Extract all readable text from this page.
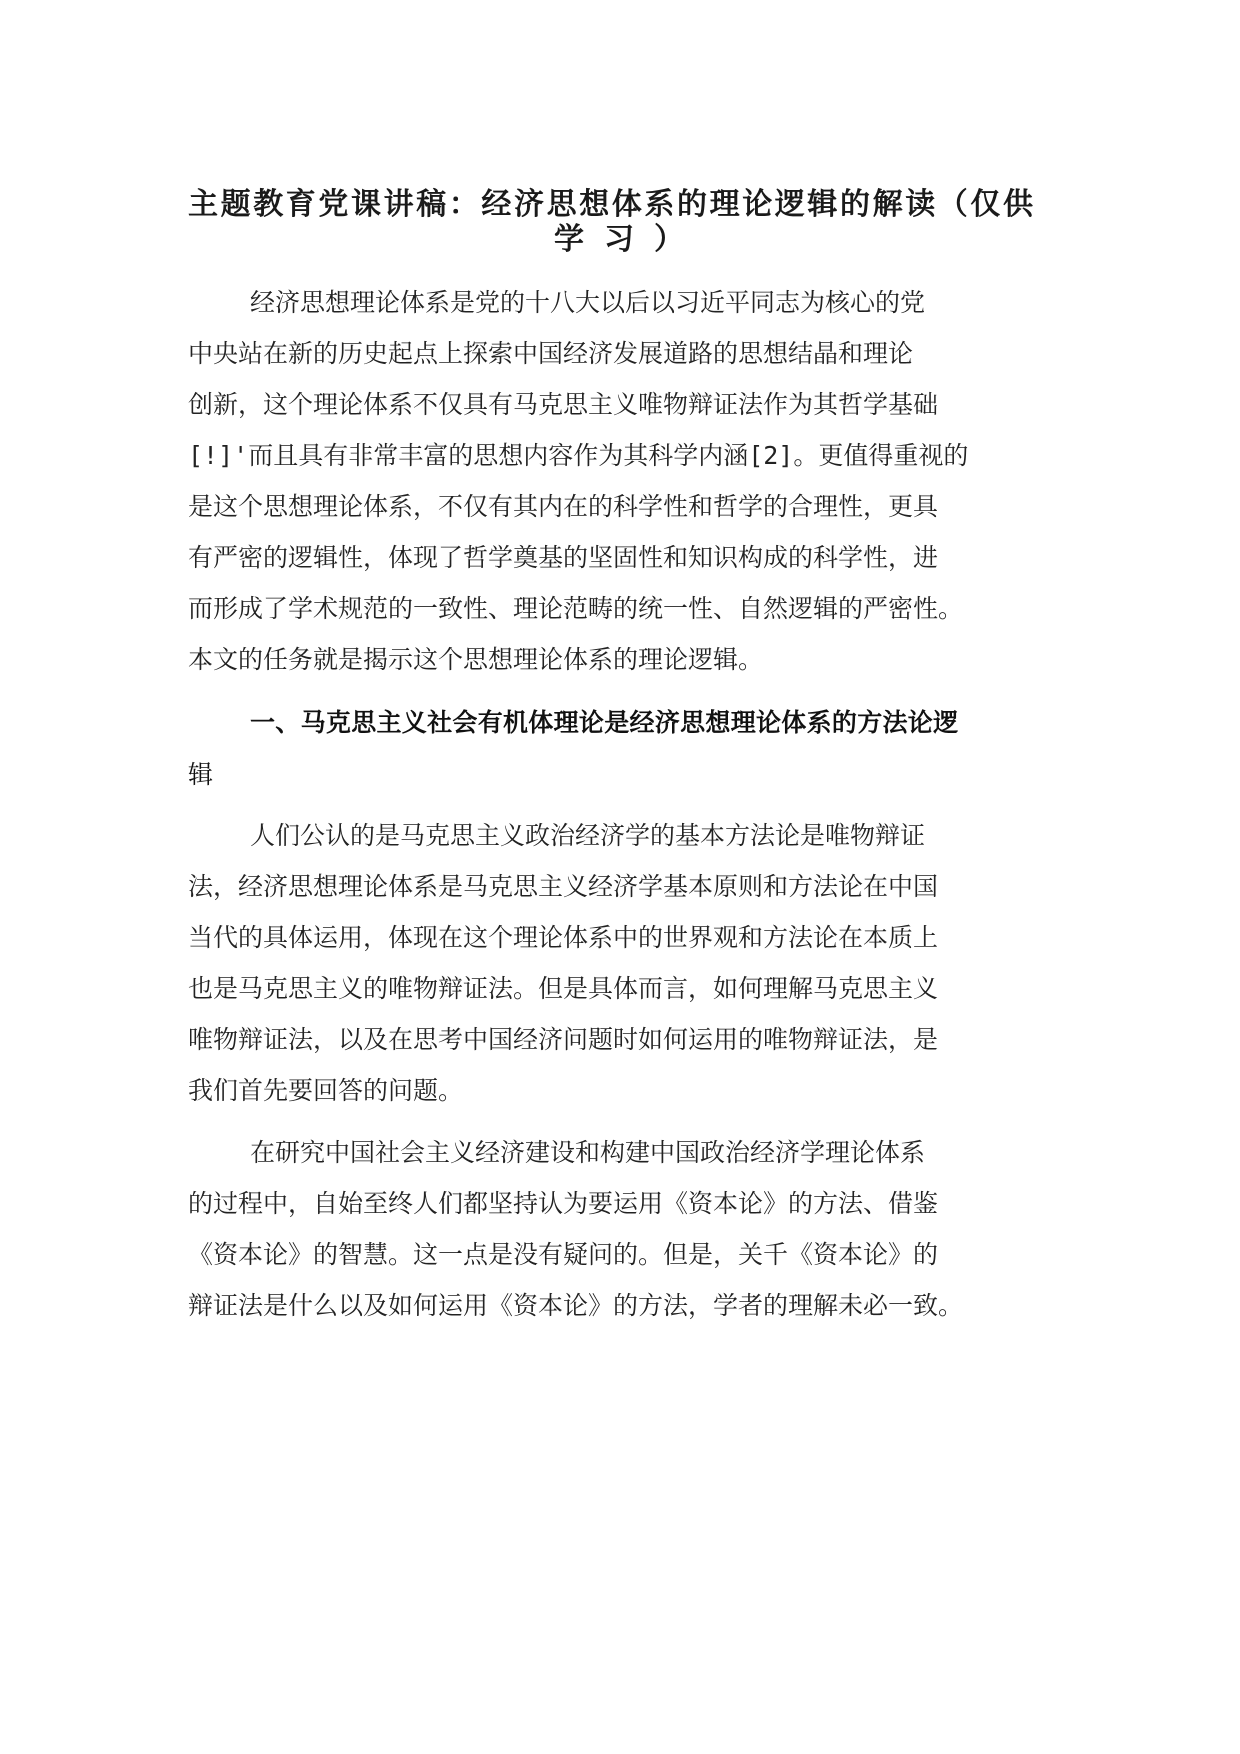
主题教育党课讲稿：经济思想体系的理论逻辑的解读（仅供
学习）
经济思想理论体系是党的十八大以后以习近平同志为核心的党
中央站在新的历史起点上探索中国经济发展道路的思想结晶和理论
创新，这个理论体系不仅具有马克思主义唯物辩证法作为其哲学基础
[!]'而且具有非常丰富的思想内容作为其科学内涵[2]。更值得重视的
是这个思想理论体系，不仅有其内在的科学性和哲学的合理性，更具
有严密的逻辑性，体现了哲学奠基的坚固性和知识构成的科学性，进
而形成了学术规范的一致性、理论范畴的统一性、自然逻辑的严密性。
本文的任务就是揭示这个思想理论体系的理论逻辑。
一、马克思主义社会有机体理论是经济思想理论体系的方法论逻
辑
人们公认的是马克思主义政治经济学的基本方法论是唯物辩证
法，经济思想理论体系是马克思主义经济学基本原则和方法论在中国
当代的具体运用，体现在这个理论体系中的世界观和方法论在本质上
也是马克思主义的唯物辩证法。但是具体而言，如何理解马克思主义
唯物辩证法，以及在思考中国经济问题时如何运用的唯物辩证法，是
我们首先要回答的问题。
在研究中国社会主义经济建设和构建中国政治经济学理论体系
的过程中，自始至终人们都坚持认为要运用《资本论》的方法、借鉴
《资本论》的智慧。这一点是没有疑问的。但是，关千《资本论》的
辩证法是什么以及如何运用《资本论》的方法，学者的理解未必一致。
